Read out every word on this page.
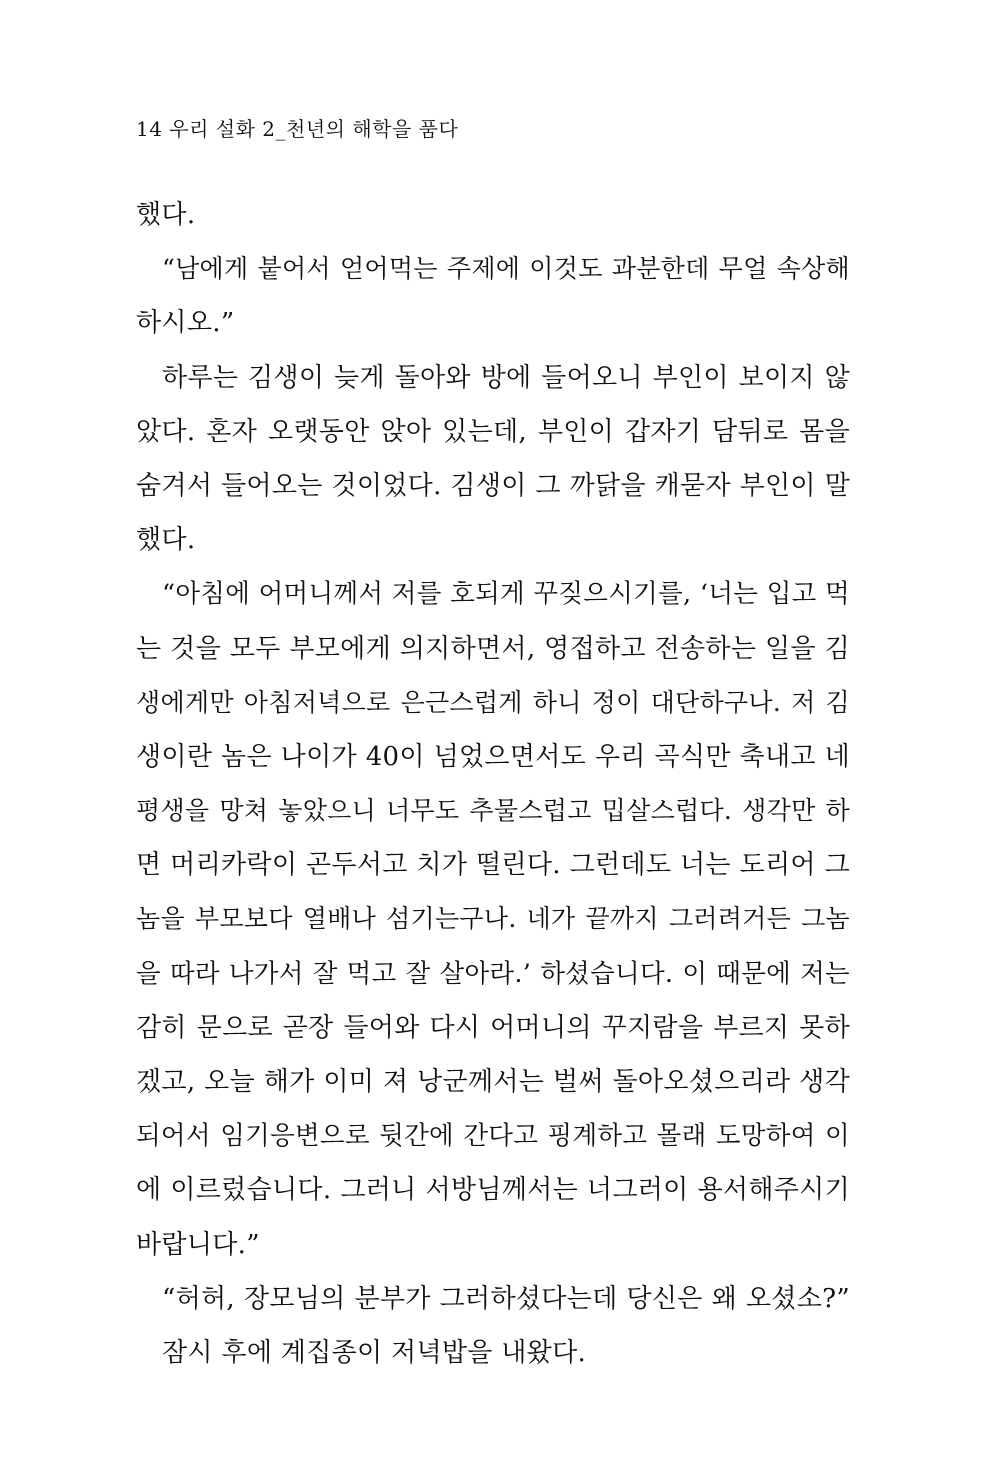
14 우리 설화 2_천년의 해학을 품다
했다.
“남에게 붙어서 얻어먹는 주제에 이것도 과분한데 무얼 속상해
하시오.”
하루는 김생이 늦게 돌아와 방에 들어오니 부인이 보이지 않
았다. 혼자 오랫동안 앉아 있는데, 부인이 갑자기 담뒤로 몸을
숨겨서 들어오는 것이었다. 김생이 그 까닭을 캐묻자 부인이 말
했다.
“아침에 어머니께서 저를 호되게 꾸짖으시기를, ‘너는 입고 먹
는 것을 모두 부모에게 의지하면서, 영접하고 전송하는 일을 김
생에게만 아침저녁으로 은근스럽게 하니 정이 대단하구나. 저 김
생이란 놈은 나이가 40이 넘었으면서도 우리 곡식만 축내고 네
평생을 망쳐 놓았으니 너무도 추물스럽고 밉살스럽다. 생각만 하
면 머리카락이 곤두서고 치가 떨린다. 그런데도 너는 도리어 그
놈을 부모보다 열배나 섬기는구나. 네가 끝까지 그러려거든 그놈
을 따라 나가서 잘 먹고 잘 살아라.’ 하셨습니다. 이 때문에 저는
감히 문으로 곧장 들어와 다시 어머니의 꾸지람을 부르지 못하
겠고, 오늘 해가 이미 져 낭군께서는 벌써 돌아오셨으리라 생각
되어서 임기응변으로 뒷간에 간다고 핑계하고 몰래 도망하여 이
에 이르렀습니다. 그러니 서방님께서는 너그러이 용서해주시기
바랍니다.”
“허허, 장모님의 분부가 그러하셨다는데 당신은 왜 오셨소?”
잠시 후에 계집종이 저녁밥을 내왔다.
